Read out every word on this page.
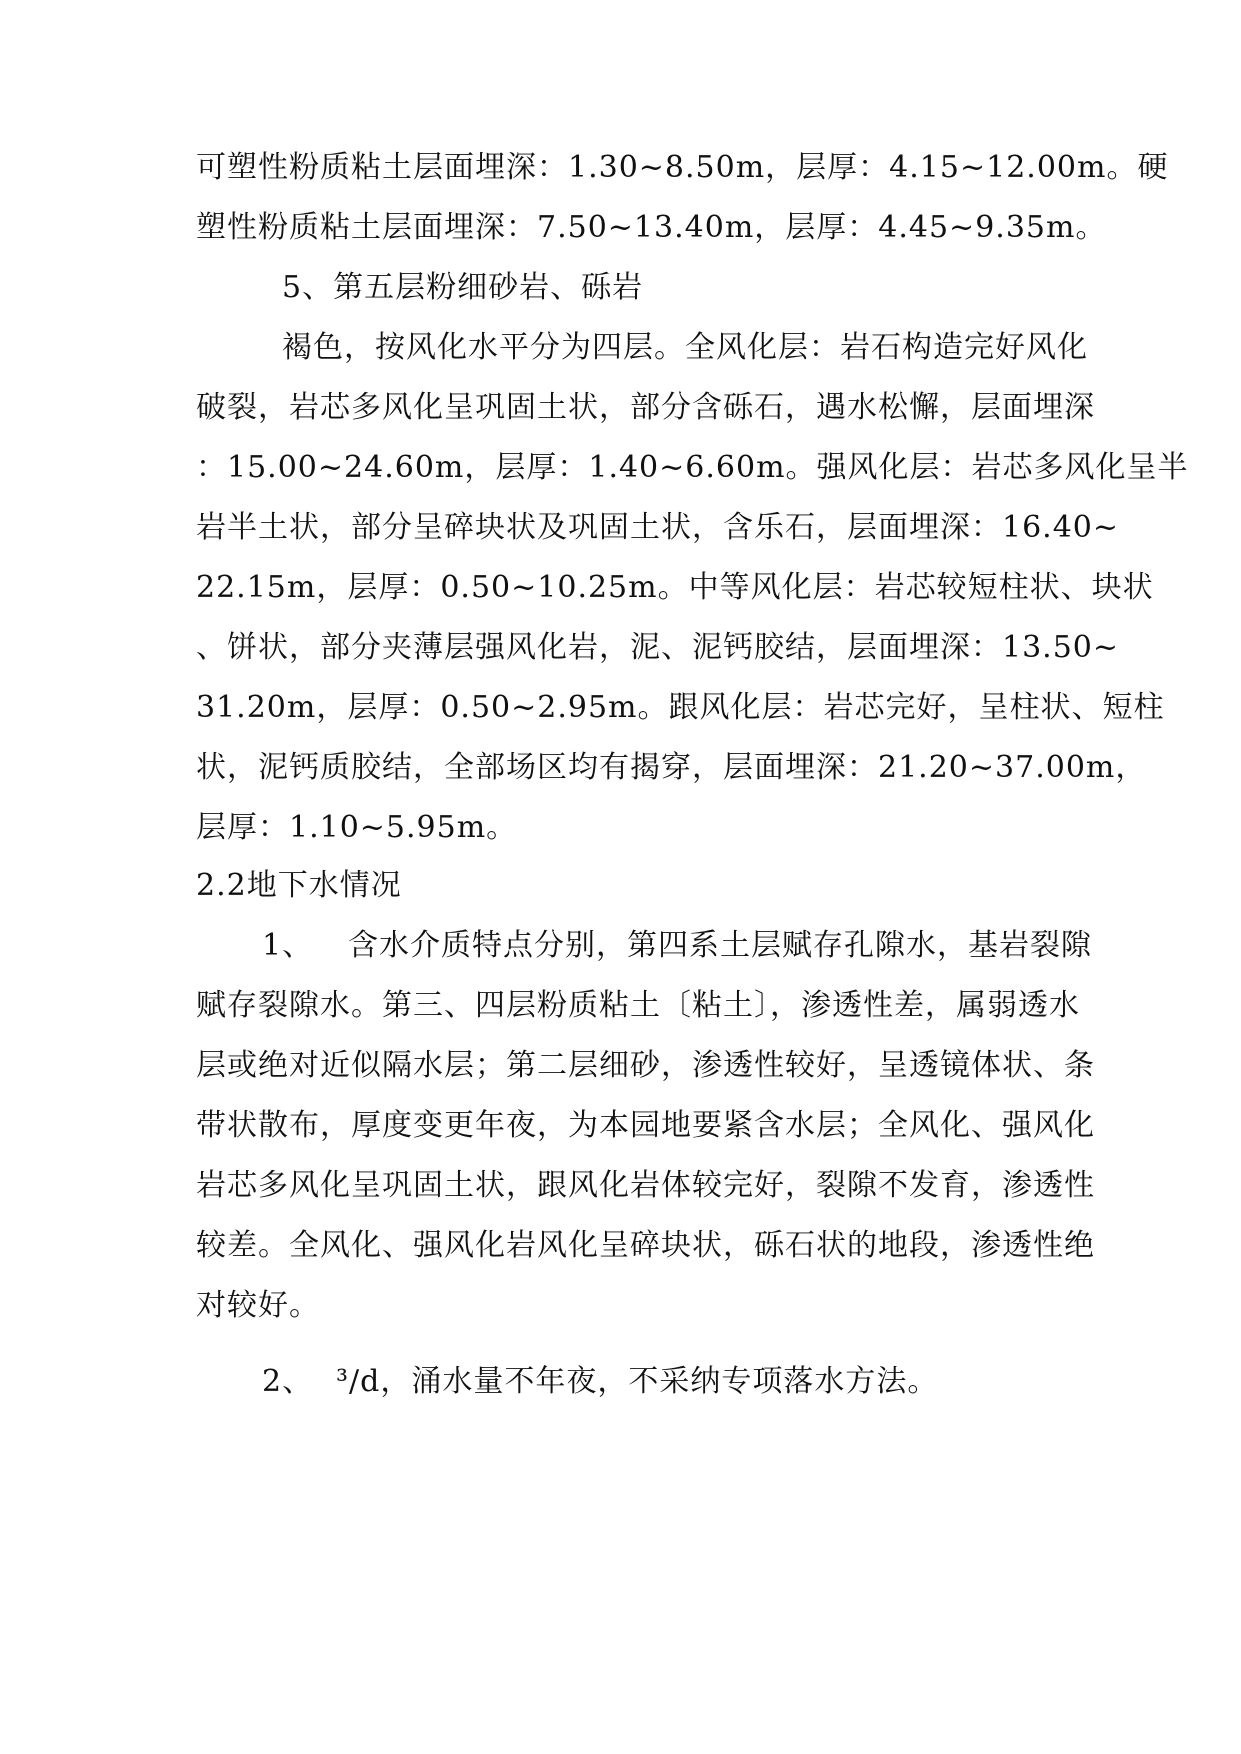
可塑性粉质粘土层面埋深：1.30~8.50m，层厚：4.15~12.00m。硬
塑性粉质粘土层面埋深：7.50~13.40m，层厚：4.45~9.35m。
5、第五层粉细砂岩、砾岩
褐色，按风化水平分为四层。全风化层：岩石构造完好风化
破裂，岩芯多风化呈巩固土状，部分含砾石，遇水松懈，层面埋深
：15.00~24.60m，层厚：1.40~6.60m。强风化层：岩芯多风化呈半
岩半土状，部分呈碎块状及巩固土状，含乐石，层面埋深：16.40~
22.15m，层厚：0.50~10.25m。中等风化层：岩芯较短柱状、块状
、饼状，部分夹薄层强风化岩，泥、泥钙胶结，层面埋深：13.50~
31.20m，层厚：0.50~2.95m。跟风化层：岩芯完好，呈柱状、短柱
状，泥钙质胶结，全部场区均有揭穿，层面埋深：21.20~37.00m，
层厚：1.10~5.95m。
2.2地下水情况
1、 含水介质特点分别，第四系土层赋存孔隙水，基岩裂隙
赋存裂隙水。第三、四层粉质粘土〔粘土〕，渗透性差，属弱透水
层或绝对近似隔水层；第二层细砂，渗透性较好，呈透镜体状、条
带状散布，厚度变更年夜，为本园地要紧含水层；全风化、强风化
岩芯多风化呈巩固土状，跟风化岩体较完好，裂隙不发育，渗透性
较差。全风化、强风化岩风化呈碎块状，砾石状的地段，渗透性绝
对较好。
2、 ³/d，涌水量不年夜，不采纳专项落水方法。
